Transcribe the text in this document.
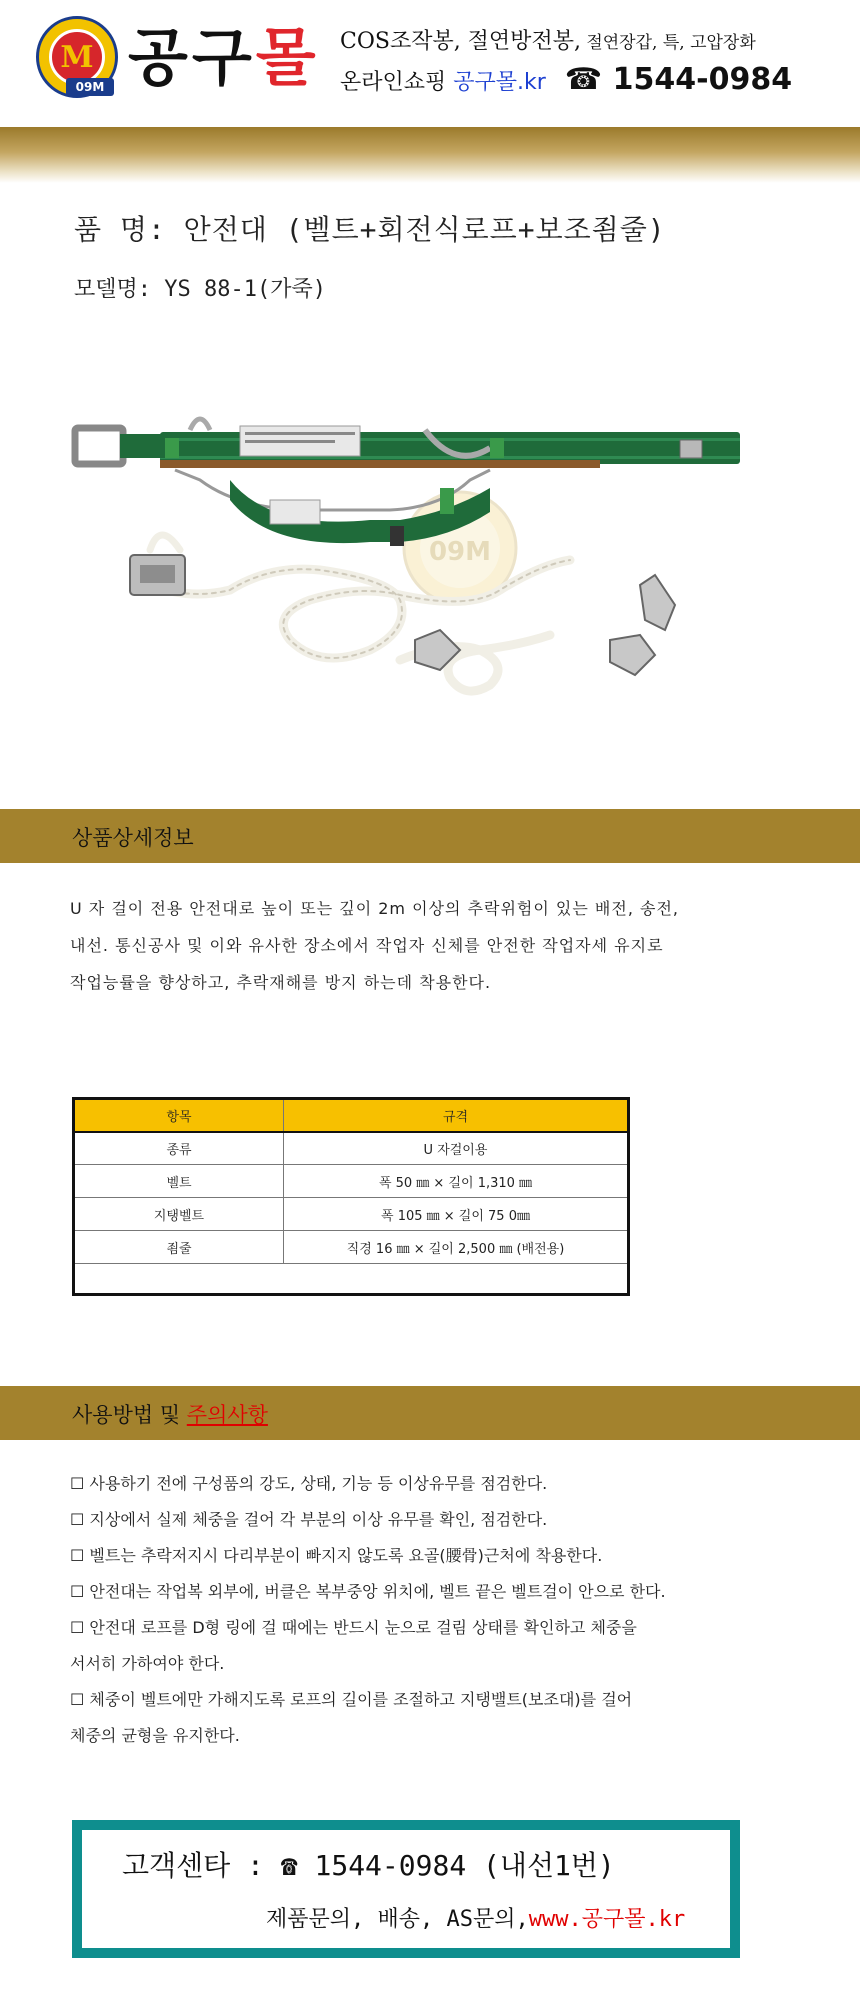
M
09M 공구몰 COS조작봉, 절연방전봉, 절연장갑, 특, 고압장화
온라인쇼핑 공구몰.kr ☎ 1544-0984
품 명: 안전대 (벨트+회전식로프+보조죔줄)
모델명: YS 88-1(가죽)
09M
상품상세정보

U 자 걸이 전용 안전대로 높이 또는 깊이 2m 이상의 추락위험이 있는 배전, 송전,

내선. 통신공사 및 이와 유사한 장소에서 작업자 신체를 안전한 작업자세 유지로

작업능률을 향상하고, 추락재해를 방지 하는데 착용한다.

항목	규격
종류	U 자걸이용
벨트	폭 50 ㎜ × 길이 1,310 ㎜
지탱벨트	폭 105 ㎜ × 길이 75 0㎜
죔줄	직경 16 ㎜ × 길이 2,500 ㎜ (배전용)

사용방법 및 주의사항

☐ 사용하기 전에 구성품의 강도, 상태, 기능 등 이상유무를 점검한다.

☐ 지상에서 실제 체중을 걸어 각 부분의 이상 유무를 확인, 점검한다.

☐ 벨트는 추락저지시 다리부분이 빠지지 않도록 요골(腰骨)근처에 착용한다.

☐ 안전대는 작업복 외부에, 버클은 복부중앙 위치에, 벨트 끝은 벨트걸이 안으로 한다.

☐ 안전대 로프를 D형 링에 걸 때에는 반드시 눈으로 걸림 상태를 확인하고 체중을

서서히 가하여야 한다.

☐ 체중이 벨트에만 가해지도록 로프의 길이를 조절하고 지탱밸트(보조대)를 걸어

체중의 균형을 유지한다.

고객센타 : ☎ 1544-0984 (내선1번)
제품문의, 배송, AS문의,www.공구몰.kr
